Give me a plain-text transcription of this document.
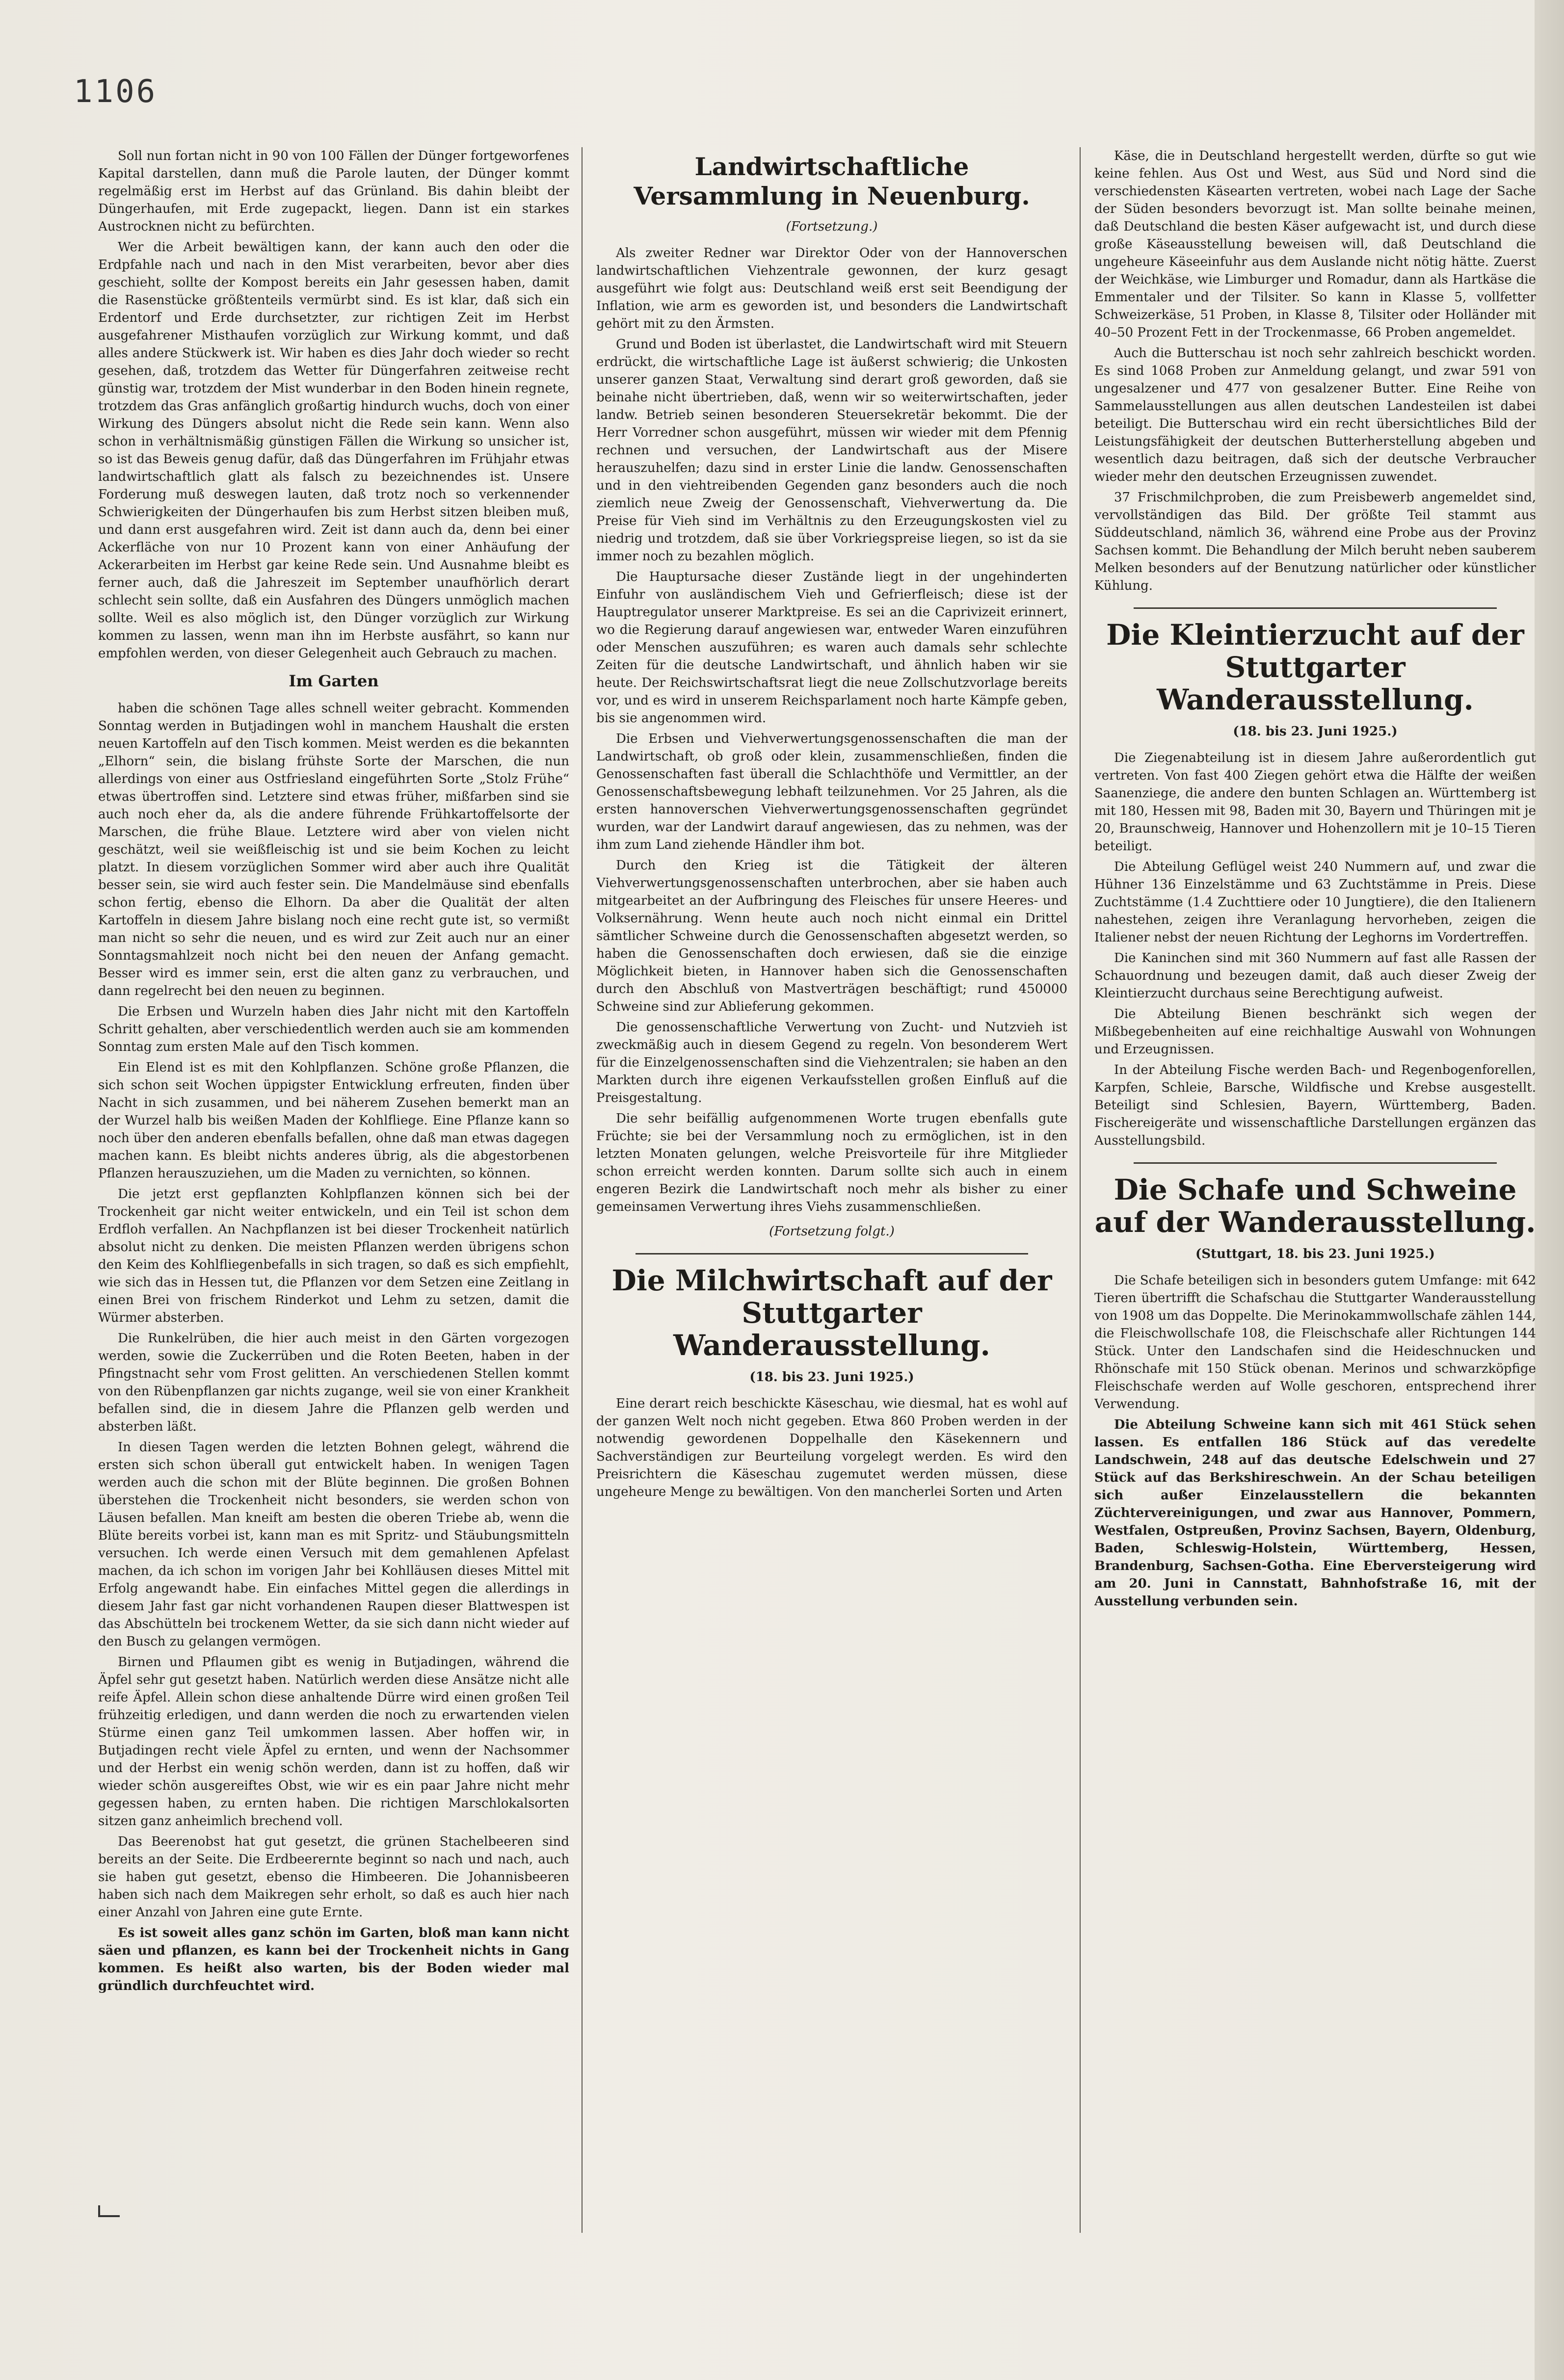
1106

Soll nun fortan nicht in 90 von 100 Fällen der Dünger fortgeworfenes Kapital darstellen, dann muß die Parole lauten, der Dünger kommt regelmäßig erst im Herbst auf das Grünland. Bis dahin bleibt der Düngerhaufen, mit Erde zugepackt, liegen. Dann ist ein starkes Austrocknen nicht zu befürchten.

Wer die Arbeit bewältigen kann, der kann auch den oder die Erdpfahle nach und nach in den Mist verarbeiten, bevor aber dies geschieht, sollte der Kompost bereits ein Jahr gesessen haben, damit die Rasenstücke größtenteils vermürbt sind. Es ist klar, daß sich ein Erdentorf und Erde durchsetzter, zur richtigen Zeit im Herbst ausgefahrener Misthaufen vorzüglich zur Wirkung kommt, und daß alles andere Stückwerk ist. Wir haben es dies Jahr doch wieder so recht gesehen, daß, trotzdem das Wetter für Düngerfahren zeitweise recht günstig war, trotzdem der Mist wunderbar in den Boden hinein regnete, trotzdem das Gras anfänglich großartig hindurch wuchs, doch von einer Wirkung des Düngers absolut nicht die Rede sein kann. Wenn also schon in verhältnismäßig günstigen Fällen die Wirkung so unsicher ist, so ist das Beweis genug dafür, daß das Düngerfahren im Frühjahr etwas landwirtschaftlich glatt als falsch zu bezeichnendes ist. Unsere Forderung muß deswegen lauten, daß trotz noch so verkennender Schwierigkeiten der Düngerhaufen bis zum Herbst sitzen bleiben muß, und dann erst ausgefahren wird. Zeit ist dann auch da, denn bei einer Ackerfläche von nur 10 Prozent kann von einer Anhäufung der Ackerarbeiten im Herbst gar keine Rede sein. Und Ausnahme bleibt es ferner auch, daß die Jahreszeit im September unaufhörlich derart schlecht sein sollte, daß ein Ausfahren des Düngers unmöglich machen sollte. Weil es also möglich ist, den Dünger vorzüglich zur Wirkung kommen zu lassen, wenn man ihn im Herbste ausfährt, so kann nur empfohlen werden, von dieser Gelegenheit auch Gebrauch zu machen.

Im Garten

haben die schönen Tage alles schnell weiter gebracht. Kommenden Sonntag werden in Butjadingen wohl in manchem Haushalt die ersten neuen Kartoffeln auf den Tisch kommen. Meist werden es die bekannten „Elhorn“ sein, die bislang frühste Sorte der Marschen, die nun allerdings von einer aus Ostfriesland eingeführten Sorte „Stolz Frühe“ etwas übertroffen sind. Letztere sind etwas früher, mißfarben sind sie auch noch eher da, als die andere führende Frühkartoffelsorte der Marschen, die frühe Blaue. Letztere wird aber von vielen nicht geschätzt, weil sie weißfleischig ist und sie beim Kochen zu leicht platzt. In diesem vorzüglichen Sommer wird aber auch ihre Qualität besser sein, sie wird auch fester sein. Die Mandelmäuse sind ebenfalls schon fertig, ebenso die Elhorn. Da aber die Qualität der alten Kartoffeln in diesem Jahre bislang noch eine recht gute ist, so vermißt man nicht so sehr die neuen, und es wird zur Zeit auch nur an einer Sonntagsmahlzeit noch nicht bei den neuen der Anfang gemacht. Besser wird es immer sein, erst die alten ganz zu verbrauchen, und dann regelrecht bei den neuen zu beginnen.

Die Erbsen und Wurzeln haben dies Jahr nicht mit den Kartoffeln Schritt gehalten, aber verschiedentlich werden auch sie am kommenden Sonntag zum ersten Male auf den Tisch kommen.

Ein Elend ist es mit den Kohlpflanzen. Schöne große Pflanzen, die sich schon seit Wochen üppigster Entwicklung erfreuten, finden über Nacht in sich zusammen, und bei näherem Zusehen bemerkt man an der Wurzel halb bis weißen Maden der Kohlfliege. Eine Pflanze kann so noch über den anderen ebenfalls befallen, ohne daß man etwas dagegen machen kann. Es bleibt nichts anderes übrig, als die abgestorbenen Pflanzen herauszuziehen, um die Maden zu vernichten, so können.

Die jetzt erst gepflanzten Kohlpflanzen können sich bei der Trockenheit gar nicht weiter entwickeln, und ein Teil ist schon dem Erdfloh verfallen. An Nachpflanzen ist bei dieser Trockenheit natürlich absolut nicht zu denken. Die meisten Pflanzen werden übrigens schon den Keim des Kohlfliegenbefalls in sich tragen, so daß es sich empfiehlt, wie sich das in Hessen tut, die Pflanzen vor dem Setzen eine Zeitlang in einen Brei von frischem Rinderkot und Lehm zu setzen, damit die Würmer absterben.

Die Runkelrüben, die hier auch meist in den Gärten vorgezogen werden, sowie die Zuckerrüben und die Roten Beeten, haben in der Pfingstnacht sehr vom Frost gelitten. An verschiedenen Stellen kommt von den Rübenpflanzen gar nichts zugange, weil sie von einer Krankheit befallen sind, die in diesem Jahre die Pflanzen gelb werden und absterben läßt.

In diesen Tagen werden die letzten Bohnen gelegt, während die ersten sich schon überall gut entwickelt haben. In wenigen Tagen werden auch die schon mit der Blüte beginnen. Die großen Bohnen überstehen die Trockenheit nicht besonders, sie werden schon von Läusen befallen. Man kneift am besten die oberen Triebe ab, wenn die Blüte bereits vorbei ist, kann man es mit Spritz- und Stäubungsmitteln versuchen. Ich werde einen Versuch mit dem gemahlenen Apfelast machen, da ich schon im vorigen Jahr bei Kohlläusen dieses Mittel mit Erfolg angewandt habe. Ein einfaches Mittel gegen die allerdings in diesem Jahr fast gar nicht vorhandenen Raupen dieser Blattwespen ist das Abschütteln bei trockenem Wetter, da sie sich dann nicht wieder auf den Busch zu gelangen vermögen.

Birnen und Pflaumen gibt es wenig in Butjadingen, während die Äpfel sehr gut gesetzt haben. Natürlich werden diese Ansätze nicht alle reife Äpfel. Allein schon diese anhaltende Dürre wird einen großen Teil frühzeitig erledigen, und dann werden die noch zu erwartenden vielen Stürme einen ganz Teil umkommen lassen. Aber hoffen wir, in Butjadingen recht viele Äpfel zu ernten, und wenn der Nachsommer und der Herbst ein wenig schön werden, dann ist zu hoffen, daß wir wieder schön ausgereiftes Obst, wie wir es ein paar Jahre nicht mehr gegessen haben, zu ernten haben. Die richtigen Marschlokalsorten sitzen ganz anheimlich brechend voll.

Das Beerenobst hat gut gesetzt, die grünen Stachelbeeren sind bereits an der Seite. Die Erdbeerernte beginnt so nach und nach, auch sie haben gut gesetzt, ebenso die Himbeeren. Die Johannisbeeren haben sich nach dem Maikregen sehr erholt, so daß es auch hier nach einer Anzahl von Jahren eine gute Ernte.

Es ist soweit alles ganz schön im Garten, bloß man kann nicht säen und pflanzen, es kann bei der Trockenheit nichts in Gang kommen. Es heißt also warten, bis der Boden wieder mal gründlich durchfeuchtet wird.

Landwirtschaftliche Versammlung in Neuenburg.
(Fortsetzung.)

Als zweiter Redner war Direktor Oder von der Hannoverschen landwirtschaftlichen Viehzentrale gewonnen, der kurz gesagt ausgeführt wie folgt aus: Deutschland weiß erst seit Beendigung der Inflation, wie arm es geworden ist, und besonders die Landwirtschaft gehört mit zu den Ärmsten.

Grund und Boden ist überlastet, die Landwirtschaft wird mit Steuern erdrückt, die wirtschaftliche Lage ist äußerst schwierig; die Unkosten unserer ganzen Staat, Verwaltung sind derart groß geworden, daß sie beinahe nicht übertrieben, daß, wenn wir so weiterwirtschaften, jeder landw. Betrieb seinen besonderen Steuersekretär bekommt. Die der Herr Vorredner schon ausgeführt, müssen wir wieder mit dem Pfennig rechnen und versuchen, der Landwirtschaft aus der Misere herauszuhelfen; dazu sind in erster Linie die landw. Genossenschaften und in den viehtreibenden Gegenden ganz besonders auch die noch ziemlich neue Zweig der Genossenschaft, Viehverwertung da. Die Preise für Vieh sind im Verhältnis zu den Erzeugungskosten viel zu niedrig und trotzdem, daß sie über Vorkriegspreise liegen, so ist da sie immer noch zu bezahlen möglich.

Die Hauptursache dieser Zustände liegt in der ungehinderten Einfuhr von ausländischem Vieh und Gefrierfleisch; diese ist der Hauptregulator unserer Marktpreise. Es sei an die Caprivizeit erinnert, wo die Regierung darauf angewiesen war, entweder Waren einzuführen oder Menschen auszuführen; es waren auch damals sehr schlechte Zeiten für die deutsche Landwirtschaft, und ähnlich haben wir sie heute. Der Reichswirtschaftsrat liegt die neue Zollschutzvorlage bereits vor, und es wird in unserem Reichsparlament noch harte Kämpfe geben, bis sie angenommen wird.

Die Erbsen und Viehverwertungsgenossenschaften die man der Landwirtschaft, ob groß oder klein, zusammenschließen, finden die Genossenschaften fast überall die Schlachthöfe und Vermittler, an der Genossenschaftsbewegung lebhaft teilzunehmen. Vor 25 Jahren, als die ersten hannoverschen Viehverwertungsgenossenschaften gegründet wurden, war der Landwirt darauf angewiesen, das zu nehmen, was der ihm zum Land ziehende Händler ihm bot.

Durch den Krieg ist die Tätigkeit der älteren Viehverwertungsgenossenschaften unterbrochen, aber sie haben auch mitgearbeitet an der Aufbringung des Fleisches für unsere Heeres- und Volksernährung. Wenn heute auch noch nicht einmal ein Drittel sämtlicher Schweine durch die Genossenschaften abgesetzt werden, so haben die Genossenschaften doch erwiesen, daß sie die einzige Möglichkeit bieten, in Hannover haben sich die Genossenschaften durch den Abschluß von Mastverträgen beschäftigt; rund 450000 Schweine sind zur Ablieferung gekommen.

Die genossenschaftliche Verwertung von Zucht- und Nutzvieh ist zweckmäßig auch in diesem Gegend zu regeln. Von besonderem Wert für die Einzelgenossenschaften sind die Viehzentralen; sie haben an den Markten durch ihre eigenen Verkaufsstellen großen Einfluß auf die Preisgestaltung.

Die sehr beifällig aufgenommenen Worte trugen ebenfalls gute Früchte; sie bei der Versammlung noch zu ermöglichen, ist in den letzten Monaten gelungen, welche Preisvorteile für ihre Mitglieder schon erreicht werden konnten. Darum sollte sich auch in einem engeren Bezirk die Landwirtschaft noch mehr als bisher zu einer gemeinsamen Verwertung ihres Viehs zusammenschließen.

(Fortsetzung folgt.)
Die Milchwirtschaft auf der Stuttgarter Wanderausstellung.
(18. bis 23. Juni 1925.)

Eine derart reich beschickte Käseschau, wie diesmal, hat es wohl auf der ganzen Welt noch nicht gegeben. Etwa 860 Proben werden in der notwendig gewordenen Doppelhalle den Käsekennern und Sachverständigen zur Beurteilung vorgelegt werden. Es wird den Preisrichtern die Käseschau zugemutet werden müssen, diese ungeheure Menge zu bewältigen. Von den mancherlei Sorten und Arten

Käse, die in Deutschland hergestellt werden, dürfte so gut wie keine fehlen. Aus Ost und West, aus Süd und Nord sind die verschiedensten Käsearten vertreten, wobei nach Lage der Sache der Süden besonders bevorzugt ist. Man sollte beinahe meinen, daß Deutschland die besten Käser aufgewacht ist, und durch diese große Käseausstellung beweisen will, daß Deutschland die ungeheure Käseeinfuhr aus dem Auslande nicht nötig hätte. Zuerst der Weichkäse, wie Limburger und Romadur, dann als Hartkäse die Emmentaler und der Tilsiter. So kann in Klasse 5, vollfetter Schweizerkäse, 51 Proben, in Klasse 8, Tilsiter oder Holländer mit 40–50 Prozent Fett in der Trockenmasse, 66 Proben angemeldet.

Auch die Butterschau ist noch sehr zahlreich beschickt worden. Es sind 1068 Proben zur Anmeldung gelangt, und zwar 591 von ungesalzener und 477 von gesalzener Butter. Eine Reihe von Sammelausstellungen aus allen deutschen Landesteilen ist dabei beteiligt. Die Butterschau wird ein recht übersichtliches Bild der Leistungsfähigkeit der deutschen Butterherstellung abgeben und wesentlich dazu beitragen, daß sich der deutsche Verbraucher wieder mehr den deutschen Erzeugnissen zuwendet.

37 Frischmilchproben, die zum Preisbewerb angemeldet sind, vervollständigen das Bild. Der größte Teil stammt aus Süddeutschland, nämlich 36, während eine Probe aus der Provinz Sachsen kommt. Die Behandlung der Milch beruht neben sauberem Melken besonders auf der Benutzung natürlicher oder künstlicher Kühlung.

Die Kleintierzucht auf der Stuttgarter Wanderausstellung.
(18. bis 23. Juni 1925.)

Die Ziegenabteilung ist in diesem Jahre außerordentlich gut vertreten. Von fast 400 Ziegen gehört etwa die Hälfte der weißen Saanenziege, die andere den bunten Schlagen an. Württemberg ist mit 180, Hessen mit 98, Baden mit 30, Bayern und Thüringen mit je 20, Braunschweig, Hannover und Hohenzollern mit je 10–15 Tieren beteiligt.

Die Abteilung Geflügel weist 240 Nummern auf, und zwar die Hühner 136 Einzelstämme und 63 Zuchtstämme in Preis. Diese Zuchtstämme (1.4 Zuchttiere oder 10 Jungtiere), die den Italienern nahestehen, zeigen ihre Veranlagung hervorheben, zeigen die Italiener nebst der neuen Richtung der Leghorns im Vordertreffen.

Die Kaninchen sind mit 360 Nummern auf fast alle Rassen der Schauordnung und bezeugen damit, daß auch dieser Zweig der Kleintierzucht durchaus seine Berechtigung aufweist.

Die Abteilung Bienen beschränkt sich wegen der Mißbegebenheiten auf eine reichhaltige Auswahl von Wohnungen und Erzeugnissen.

In der Abteilung Fische werden Bach- und Regenbogenforellen, Karpfen, Schleie, Barsche, Wildfische und Krebse ausgestellt. Beteiligt sind Schlesien, Bayern, Württemberg, Baden. Fischereigeräte und wissenschaftliche Darstellungen ergänzen das Ausstellungsbild.

Die Schafe und Schweine auf der Wanderausstellung.
(Stuttgart, 18. bis 23. Juni 1925.)

Die Schafe beteiligen sich in besonders gutem Umfange: mit 642 Tieren übertrifft die Schafschau die Stuttgarter Wanderausstellung von 1908 um das Doppelte. Die Merinokammwollschafe zählen 144, die Fleischwollschafe 108, die Fleischschafe aller Richtungen 144 Stück. Unter den Landschafen sind die Heideschnucken und Rhönschafe mit 150 Stück obenan. Merinos und schwarzköpfige Fleischschafe werden auf Wolle geschoren, entsprechend ihrer Verwendung.

Die Abteilung Schweine kann sich mit 461 Stück sehen lassen. Es entfallen 186 Stück auf das veredelte Landschwein, 248 auf das deutsche Edelschwein und 27 Stück auf das Berkshireschwein. An der Schau beteiligen sich außer Einzelausstellern die bekannten Züchtervereinigungen, und zwar aus Hannover, Pommern, Westfalen, Ostpreußen, Provinz Sachsen, Bayern, Oldenburg, Baden, Schleswig-Holstein, Württemberg, Hessen, Brandenburg, Sachsen-Gotha. Eine Eberversteigerung wird am 20. Juni in Cannstatt, Bahnhofstraße 16, mit der Ausstellung verbunden sein.
